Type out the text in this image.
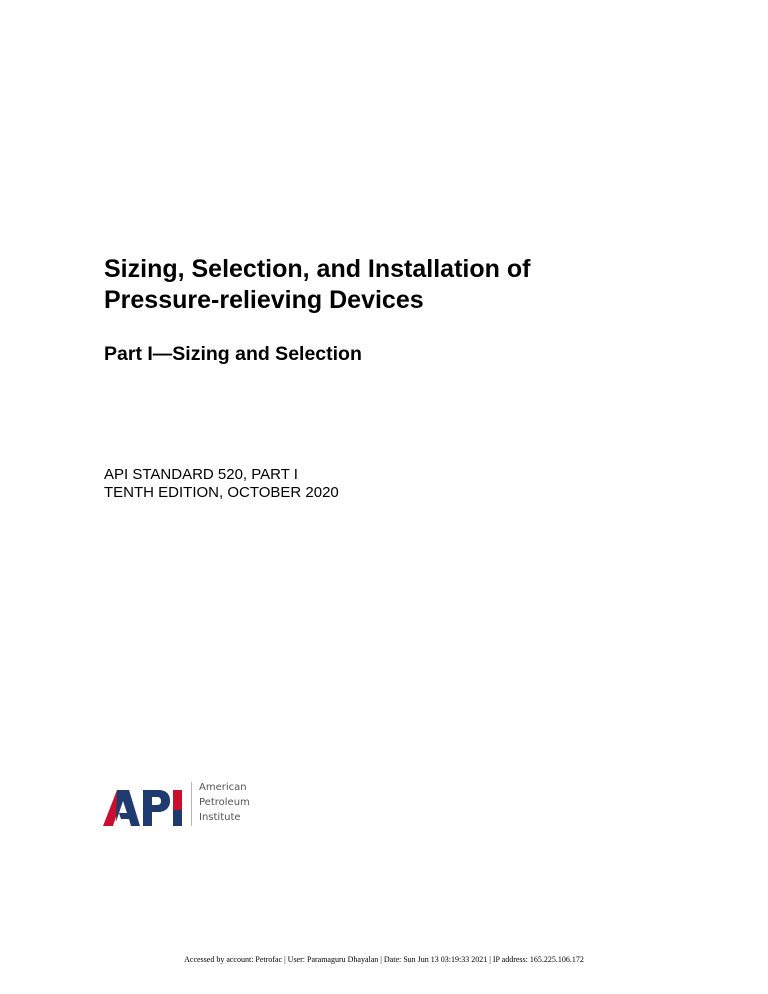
Sizing, Selection, and Installation of
Pressure-relieving Devices
Part I—Sizing and Selection
API STANDARD 520, PART I
TENTH EDITION, OCTOBER 2020
American
Petroleum
Institute
Accessed by account: Petrofac | User: Paramaguru Dhayalan | Date: Sun Jun 13 03:19:33 2021 | IP address: 165.225.106.172
